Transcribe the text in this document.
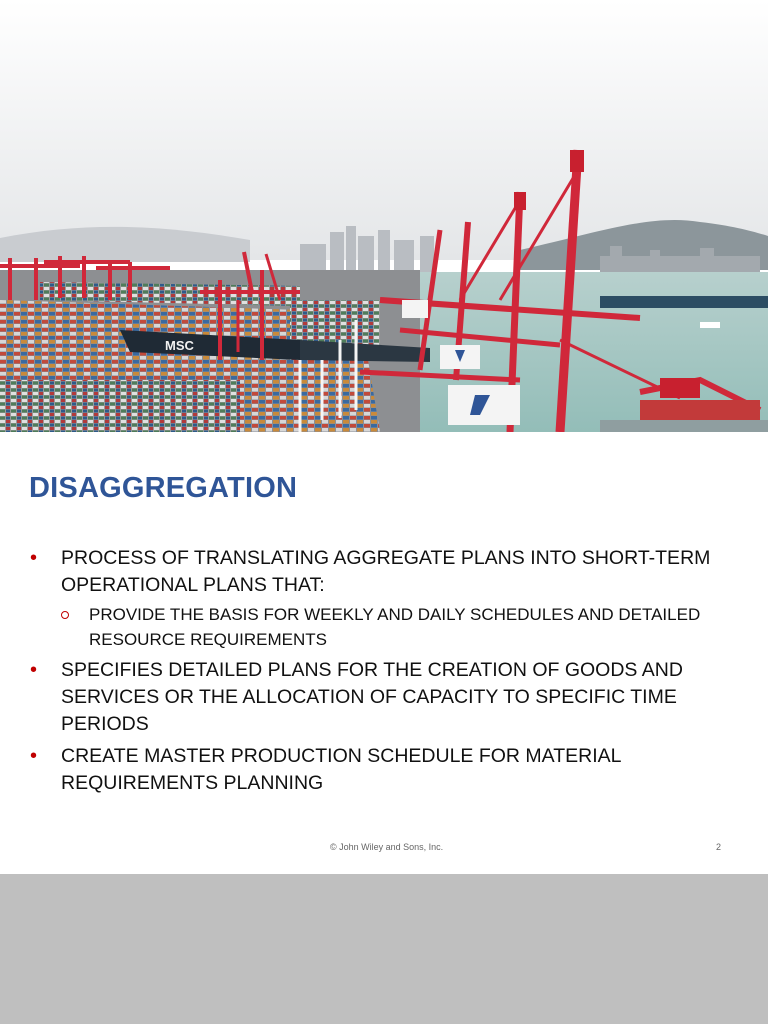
MSC
DISAGGREGATION
• PROCESS OF TRANSLATING AGGREGATE PLANS INTO SHORT-TERM OPERATIONAL PLANS THAT:
PROVIDE THE BASIS FOR WEEKLY AND DAILY SCHEDULES AND DETAILED RESOURCE REQUIREMENTS
• SPECIFIES DETAILED PLANS FOR THE CREATION OF GOODS AND SERVICES OR THE ALLOCATION OF CAPACITY TO SPECIFIC TIME PERIODS
• CREATE MASTER PRODUCTION SCHEDULE FOR MATERIAL REQUIREMENTS PLANNING
© John Wiley and Sons, Inc.	2
